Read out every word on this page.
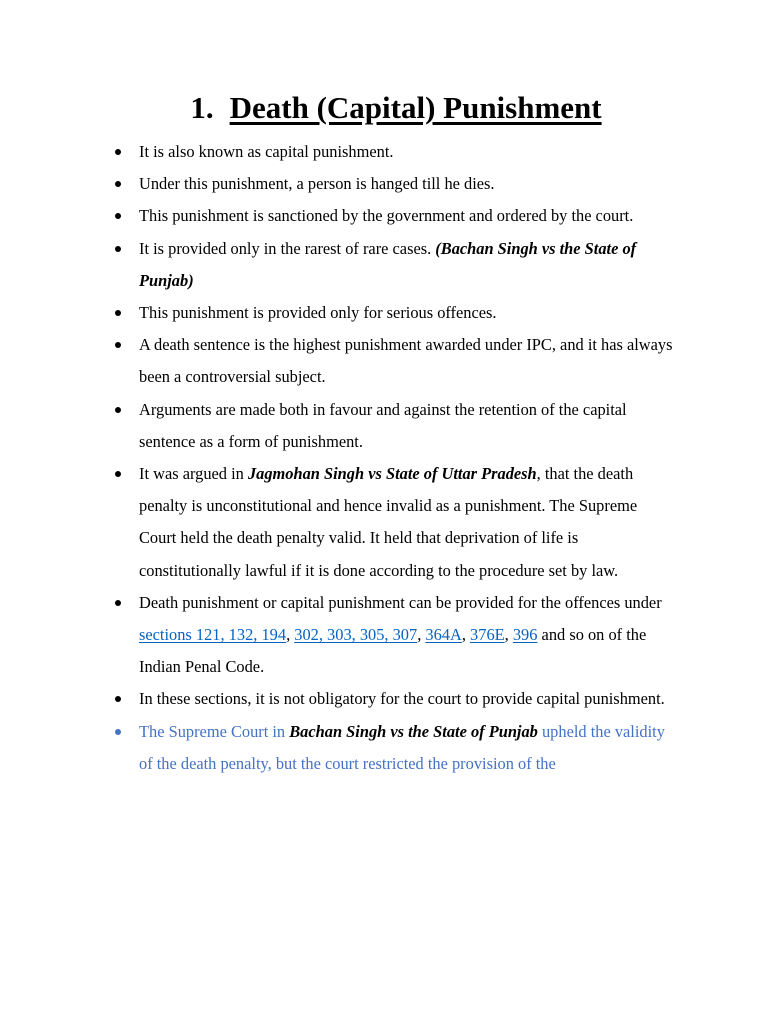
1. Death (Capital) Punishment
It is also known as capital punishment.
Under this punishment, a person is hanged till he dies.
This punishment is sanctioned by the government and ordered by the court.
It is provided only in the rarest of rare cases. (Bachan Singh vs the State of Punjab)
This punishment is provided only for serious offences.
A death sentence is the highest punishment awarded under IPC, and it has always been a controversial subject.
Arguments are made both in favour and against the retention of the capital sentence as a form of punishment.
It was argued in Jagmohan Singh vs State of Uttar Pradesh, that the death penalty is unconstitutional and hence invalid as a punishment. The Supreme Court held the death penalty valid. It held that deprivation of life is constitutionally lawful if it is done according to the procedure set by law.
Death punishment or capital punishment can be provided for the offences under sections 121, 132, 194, 302, 303, 305, 307, 364A, 376E, 396 and so on of the Indian Penal Code.
In these sections, it is not obligatory for the court to provide capital punishment.
The Supreme Court in Bachan Singh vs the State of Punjab upheld the validity of the death penalty, but the court restricted the provision of the
